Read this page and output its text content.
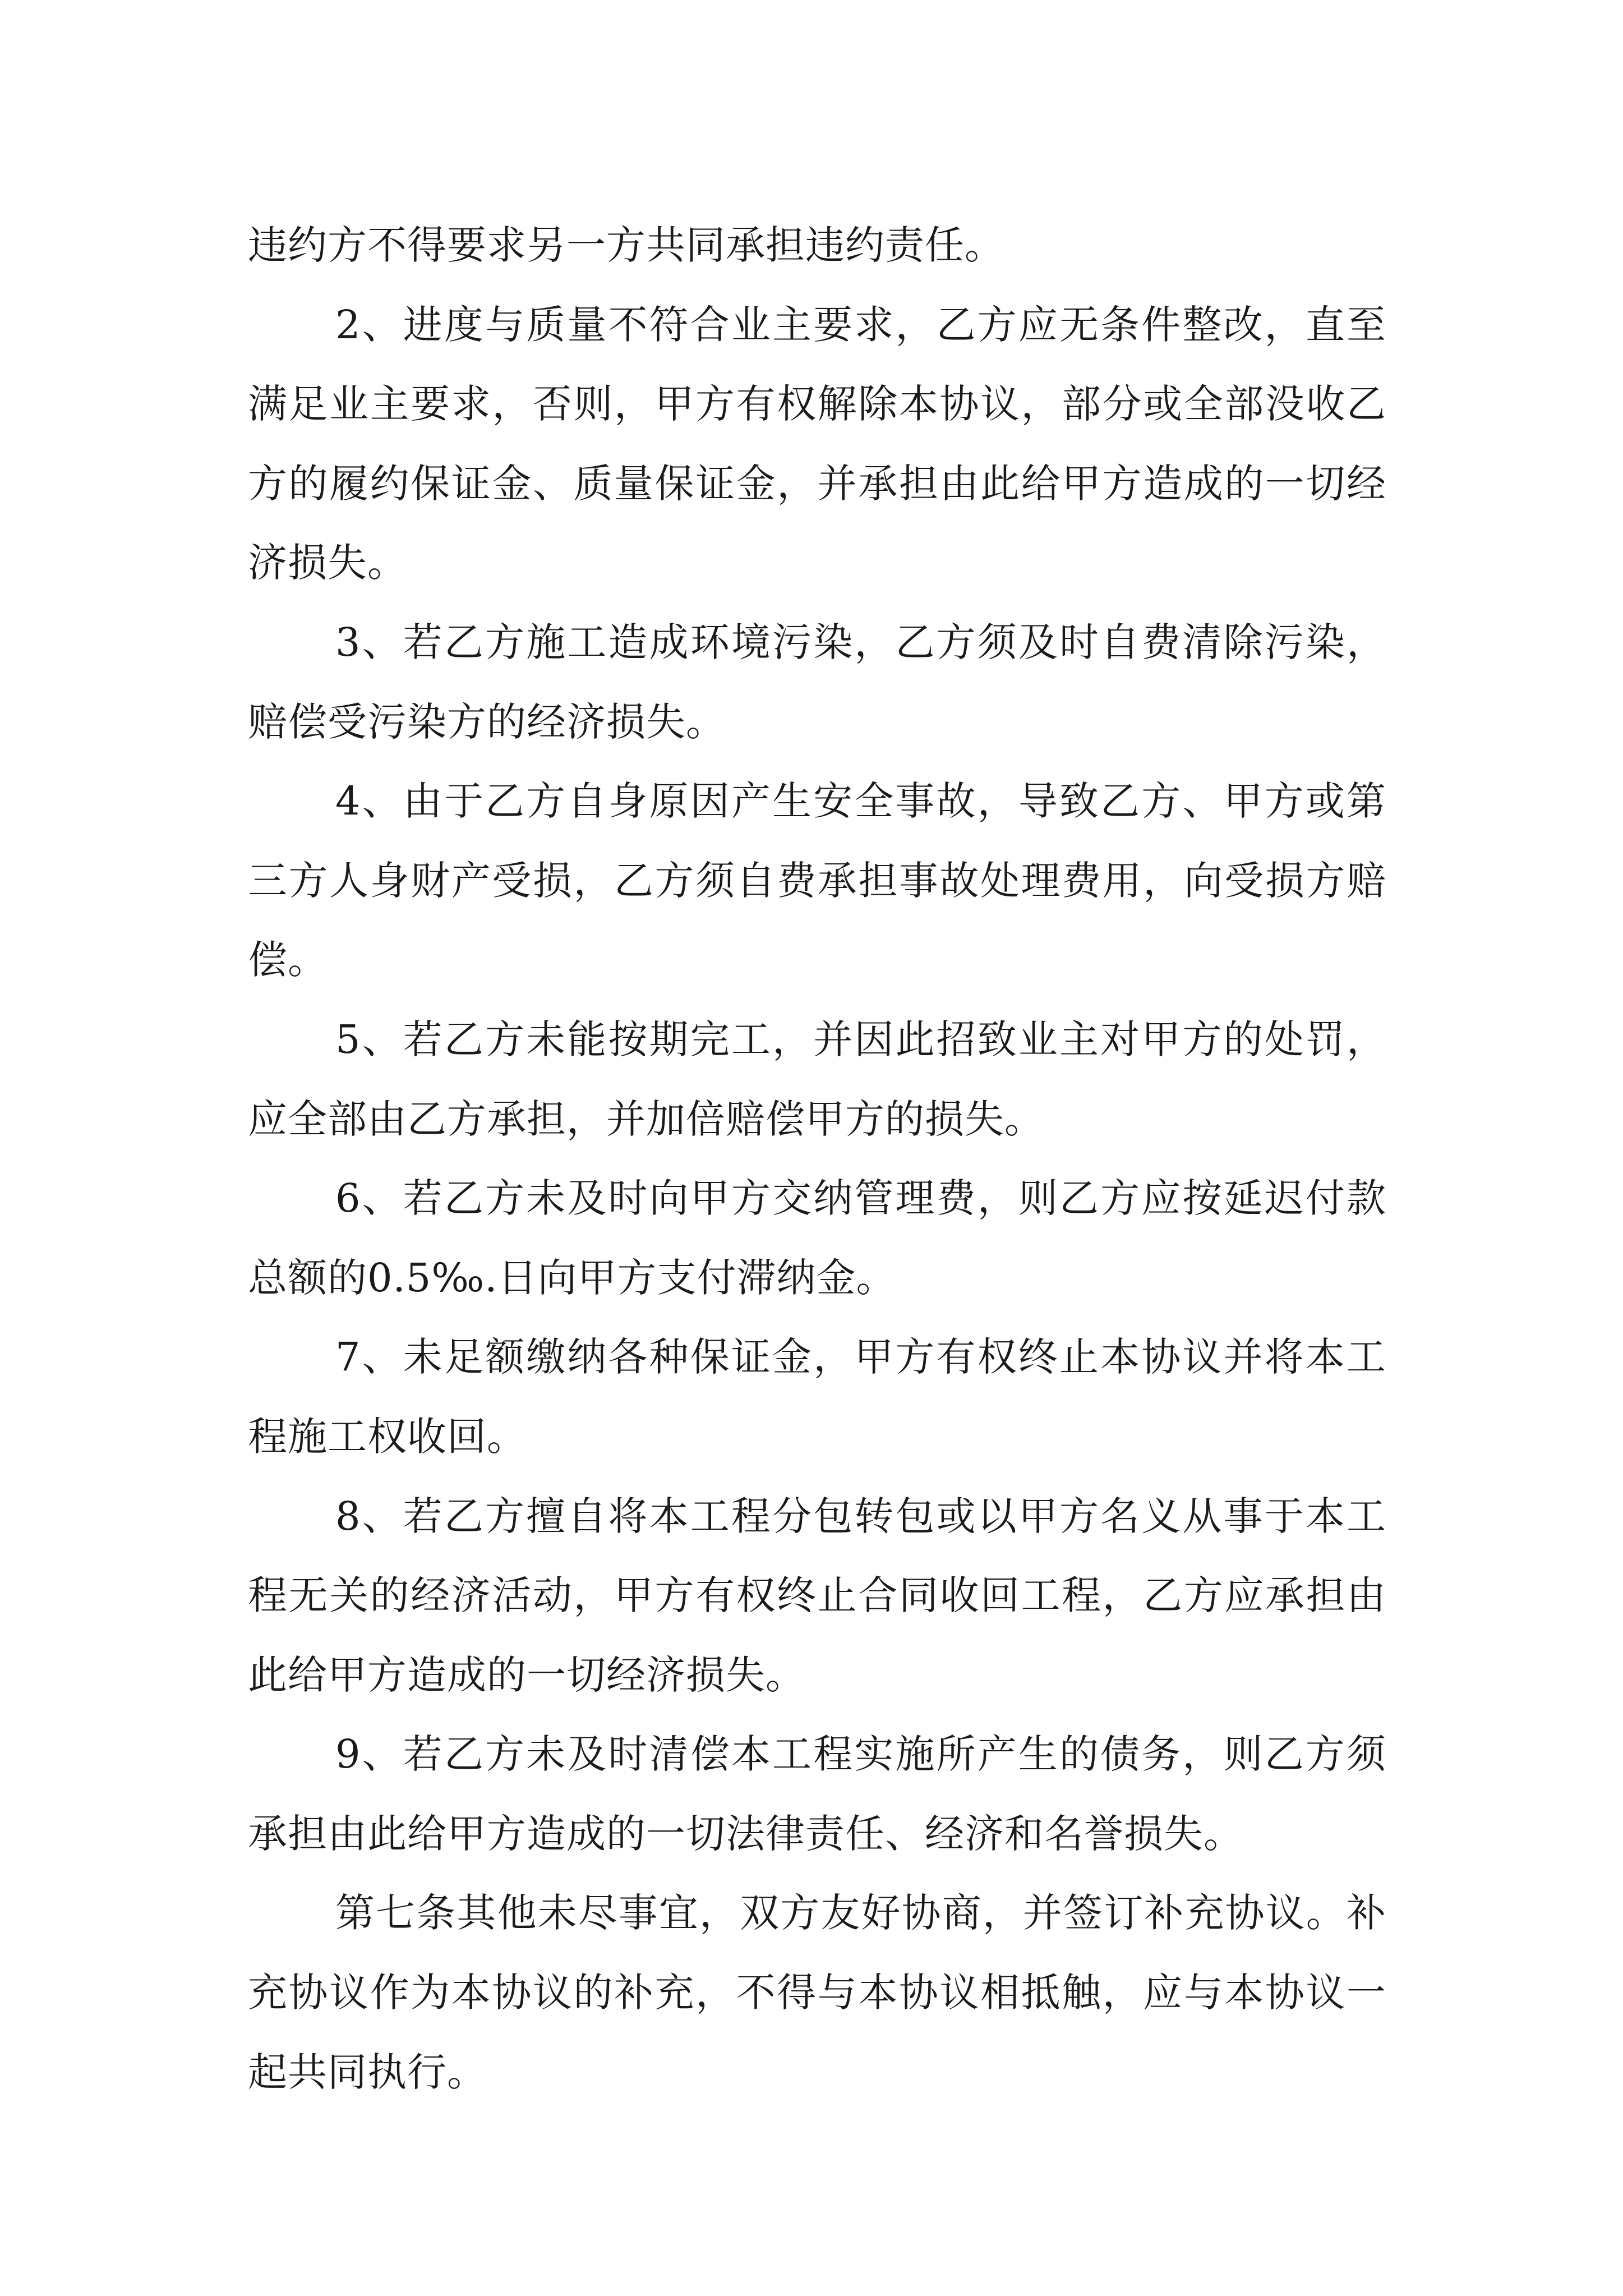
违约方不得要求另一方共同承担违约责任。

2、进度与质量不符合业主要求，乙方应无条件整改，直至满足业主要求，否则，甲方有权解除本协议，部分或全部没收乙方的履约保证金、质量保证金，并承担由此给甲方造成的一切经济损失。

3、若乙方施工造成环境污染，乙方须及时自费清除污染，赔偿受污染方的经济损失。

4、由于乙方自身原因产生安全事故，导致乙方、甲方或第三方人身财产受损，乙方须自费承担事故处理费用，向受损方赔偿。

5、若乙方未能按期完工，并因此招致业主对甲方的处罚，应全部由乙方承担，并加倍赔偿甲方的损失。

6、若乙方未及时向甲方交纳管理费，则乙方应按延迟付款总额的0.5‰.日向甲方支付滞纳金。

7、未足额缴纳各种保证金，甲方有权终止本协议并将本工程施工权收回。

8、若乙方擅自将本工程分包转包或以甲方名义从事于本工程无关的经济活动，甲方有权终止合同收回工程，乙方应承担由此给甲方造成的一切经济损失。

9、若乙方未及时清偿本工程实施所产生的债务，则乙方须承担由此给甲方造成的一切法律责任、经济和名誉损失。

第七条其他未尽事宜，双方友好协商，并签订补充协议。补充协议作为本协议的补充，不得与本协议相抵触，应与本协议一起共同执行。
